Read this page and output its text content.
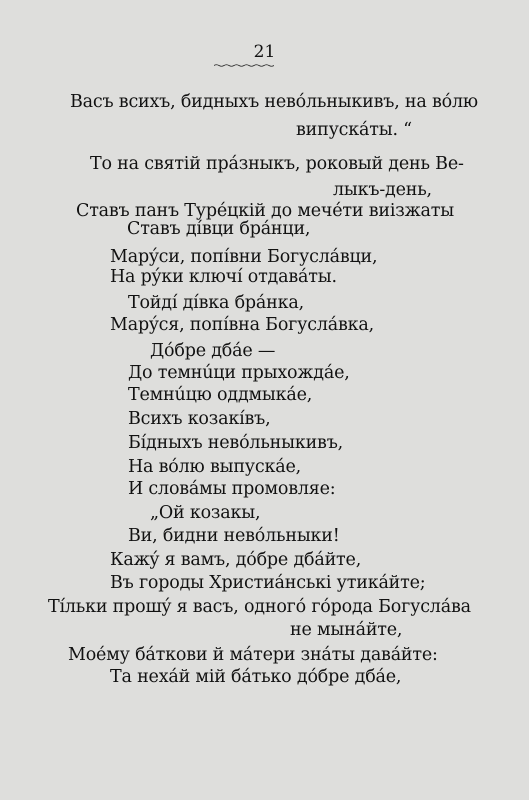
21
Васъ всихъ, бидныхъ невóльныкивъ, на вóлю
випускáты. “
То на святій прáзныкъ, роковый день Ве-
лыкъ-день,
Ставъ панъ Турéцкій до мечéти виізжаты
Ставъ дíвци брáнци,
Марýси, попíвни Богуслáвци,
На рýки ключí отдавáты.
Тойдí дíвка брáнка,
Марýся, попíвна Богуслáвка,
Дóбре дбáе —
До темнúци прыхождáе,
Темнúцю оддмыкáе,
Всихъ козакíвъ,
Бíдныхъ невóльныкивъ,
На вóлю выпускáе,
И словáмы промовляе:
„Ой козакы,
Ви, бидни невóльныки!
Кажý я вамъ, дóбре дбáйте,
Въ городы Христиáнські утикáйте;
Тíльки прошý я васъ, одногó гóрода Богуслáва
не мынáйте,
Моéму бáткови й мáтери знáты давáйте:
Та нехáй мій бáтько дóбре дбáе,
